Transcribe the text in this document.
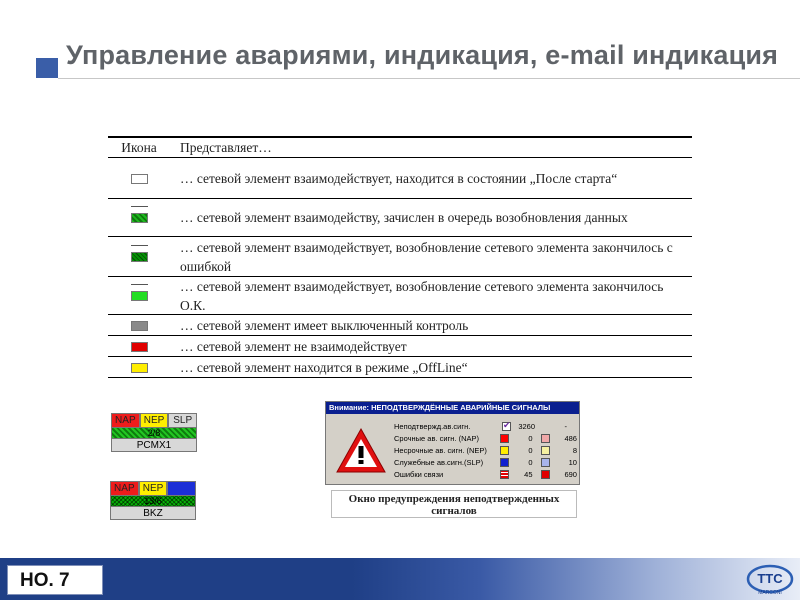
Управление авариями, индикация, e-mail индикация
Икона	Представляет…
… сетевой элемент взаимодействует, находится в состоянии „После старта“
… сетевой элемент взаимодейству, зачислен в очередь возобновления данных
… сетевой элемент взаимодействует, возобновление сетевого элемента закончилось с ошибкой
… сетевой элемент взаимодействует, возобновление сетевого элемента закончилось О.К.
… сетевой элемент имеет выключенный контроль
… сетевой элемент не взаимодействует
… сетевой элемент находится в режиме „OffLine“
NAP NEP SLP
2/8
PCMX1
NAP NEP
13/6
BKZ
Внимание: НЕПОДТВЕРЖДЁННЫЕ АВАРИЙНЫЕ СИГНАЛЫ
Неподтвержд.ав.сигн.
✔	3260	-
Срочные ав. сигн. (NAP)	0	486
Несрочные ав. сигн. (NEP)	0	8
Служебные ав.сигн.(SLP)	0	10
Ошибки связи	45	690
Окно предупреждения неподтвержденных сигналов
НО. 7	TTC
MARCONI
